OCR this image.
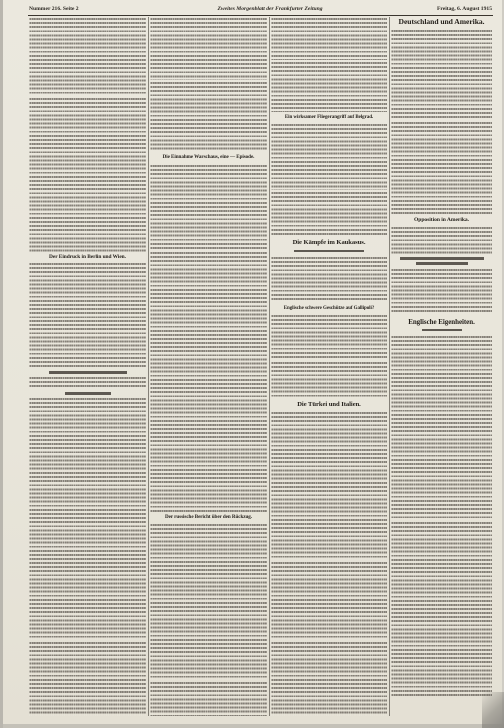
Nummer 216. Seite 2	Zweites Morgenblatt der Frankfurter Zeitung	Freitag, 6. August 1915
Der Eindruck in Berlin und Wien.
Die Einnahme Warschaus, eine — Episode.
Der russische Bericht über den Rückzug.
Ein wirksamer Fliegerangriff auf Belgrad.
Die Kämpfe im Kaukasus.
Englische schwere Geschütze auf Gallipoli?
Die Türkei und Italien.
Deutschland und Amerika.
Opposition in Amerika.
Englische Eigenheiten.
